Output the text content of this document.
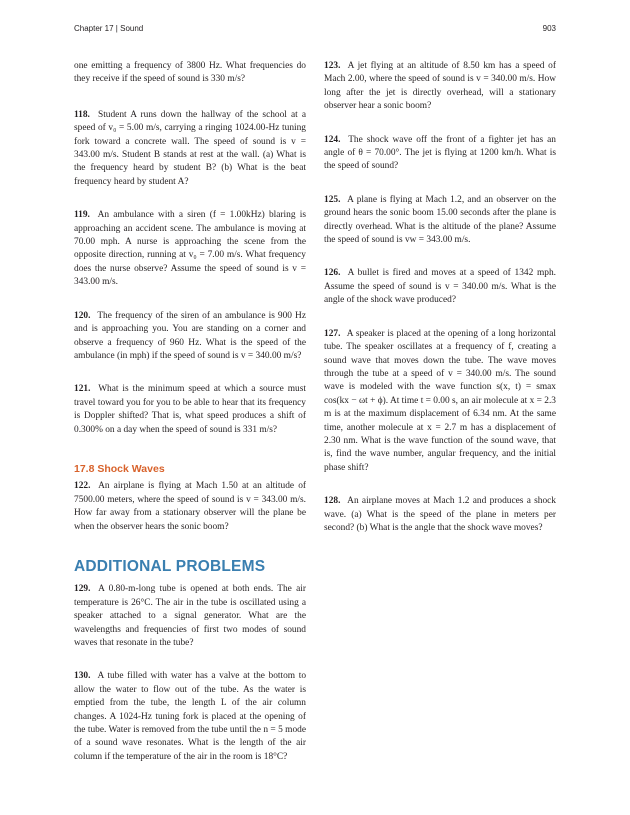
Chapter 17 | Sound	903

one emitting a frequency of 3800 Hz. What frequencies do they receive if the speed of sound is 330 m/s?

118. Student A runs down the hallway of the school at a speed of v₀ = 5.00 m/s, carrying a ringing 1024.00-Hz tuning fork toward a concrete wall. The speed of sound is v = 343.00 m/s. Student B stands at rest at the wall. (a) What is the frequency heard by student B? (b) What is the beat frequency heard by student A?

119. An ambulance with a siren (f = 1.00kHz) blaring is approaching an accident scene. The ambulance is moving at 70.00 mph. A nurse is approaching the scene from the opposite direction, running at v₀ = 7.00 m/s. What frequency does the nurse observe? Assume the speed of sound is v = 343.00 m/s.

120. The frequency of the siren of an ambulance is 900 Hz and is approaching you. You are standing on a corner and observe a frequency of 960 Hz. What is the speed of the ambulance (in mph) if the speed of sound is v = 340.00 m/s?

121. What is the minimum speed at which a source must travel toward you for you to be able to hear that its frequency is Doppler shifted? That is, what speed produces a shift of 0.300% on a day when the speed of sound is 331 m/s?

17.8 Shock Waves

122. An airplane is flying at Mach 1.50 at an altitude of 7500.00 meters, where the speed of sound is v = 343.00 m/s. How far away from a stationary observer will the plane be when the observer hears the sonic boom?

ADDITIONAL PROBLEMS

129. A 0.80-m-long tube is opened at both ends. The air temperature is 26°C. The air in the tube is oscillated using a speaker attached to a signal generator. What are the wavelengths and frequencies of first two modes of sound waves that resonate in the tube?

130. A tube filled with water has a valve at the bottom to allow the water to flow out of the tube. As the water is emptied from the tube, the length L of the air column changes. A 1024-Hz tuning fork is placed at the opening of the tube. Water is removed from the tube until the n = 5 mode of a sound wave resonates. What is the length of the air column if the temperature of the air in the room is 18°C?

123. A jet flying at an altitude of 8.50 km has a speed of Mach 2.00, where the speed of sound is v = 340.00 m/s. How long after the jet is directly overhead, will a stationary observer hear a sonic boom?

124. The shock wave off the front of a fighter jet has an angle of θ = 70.00°. The jet is flying at 1200 km/h. What is the speed of sound?

125. A plane is flying at Mach 1.2, and an observer on the ground hears the sonic boom 15.00 seconds after the plane is directly overhead. What is the altitude of the plane? Assume the speed of sound is vw = 343.00 m/s.

126. A bullet is fired and moves at a speed of 1342 mph. Assume the speed of sound is v = 340.00 m/s. What is the angle of the shock wave produced?

127. A speaker is placed at the opening of a long horizontal tube. The speaker oscillates at a frequency of f, creating a sound wave that moves down the tube. The wave moves through the tube at a speed of v = 340.00 m/s. The sound wave is modeled with the wave function s(x, t) = smax cos(kx − ωt + ϕ). At time t = 0.00 s, an air molecule at x = 2.3 m is at the maximum displacement of 6.34 nm. At the same time, another molecule at x = 2.7 m has a displacement of 2.30 nm. What is the wave function of the sound wave, that is, find the wave number, angular frequency, and the initial phase shift?

128. An airplane moves at Mach 1.2 and produces a shock wave. (a) What is the speed of the plane in meters per second? (b) What is the angle that the shock wave moves?
